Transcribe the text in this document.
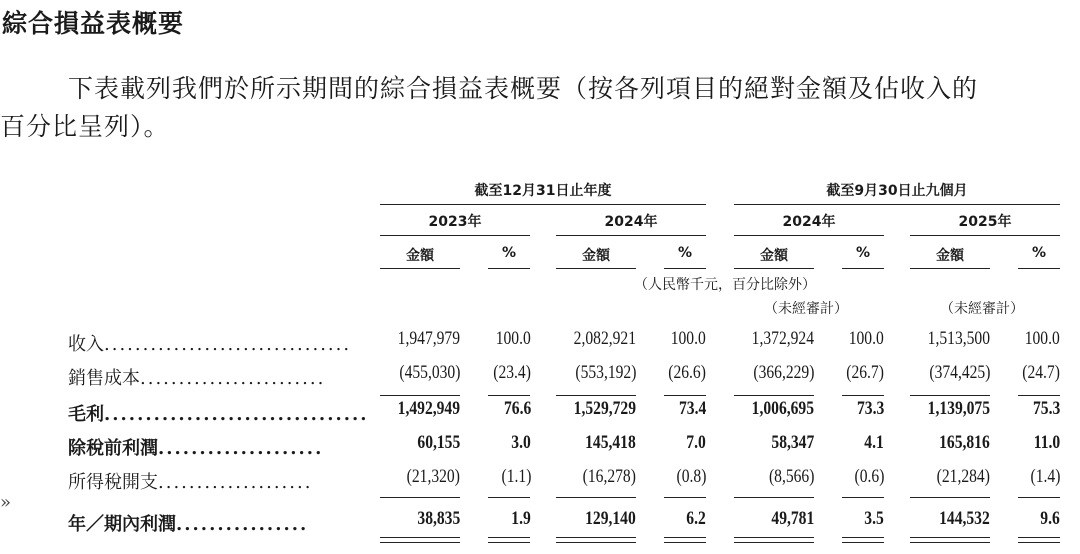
綜合損益表概要
下表載列我們於所示期間的綜合損益表概要（按各列項目的絕對金額及佔收入的
百分比呈列）。
截至12月31日止年度	截至9月30日止九個月
2023年	2024年	2024年	2025年
金額	%	金額	%	金額	%	金額	%
（人民幣千元，百分比除外）
（未經審計）	（未經審計）
收入................................ 1,947,979 100.0 2,082,921 100.0 1,372,924 100.0 1,513,500 100.0
銷售成本........................	(455,030) (23.4) (553,192) (26.6) (366,229) (26.7) (374,425) (24.7)
毛利................................ 1,492,949 76.6 1,529,729 73.4 1,006,695 73.3 1,139,075 75.3
除稅前利潤....................	60,155	3.0	145,418	7.0	58,347	4.1	165,816 11.0
所得稅開支....................	(21,320) (1.1)	(16,278) (0.8)	(8,566) (0.6)	(21,284) (1.4)
年／期內利潤................	38,835	1.9	129,140	6.2	49,781	3.5	144,532	9.6
»
